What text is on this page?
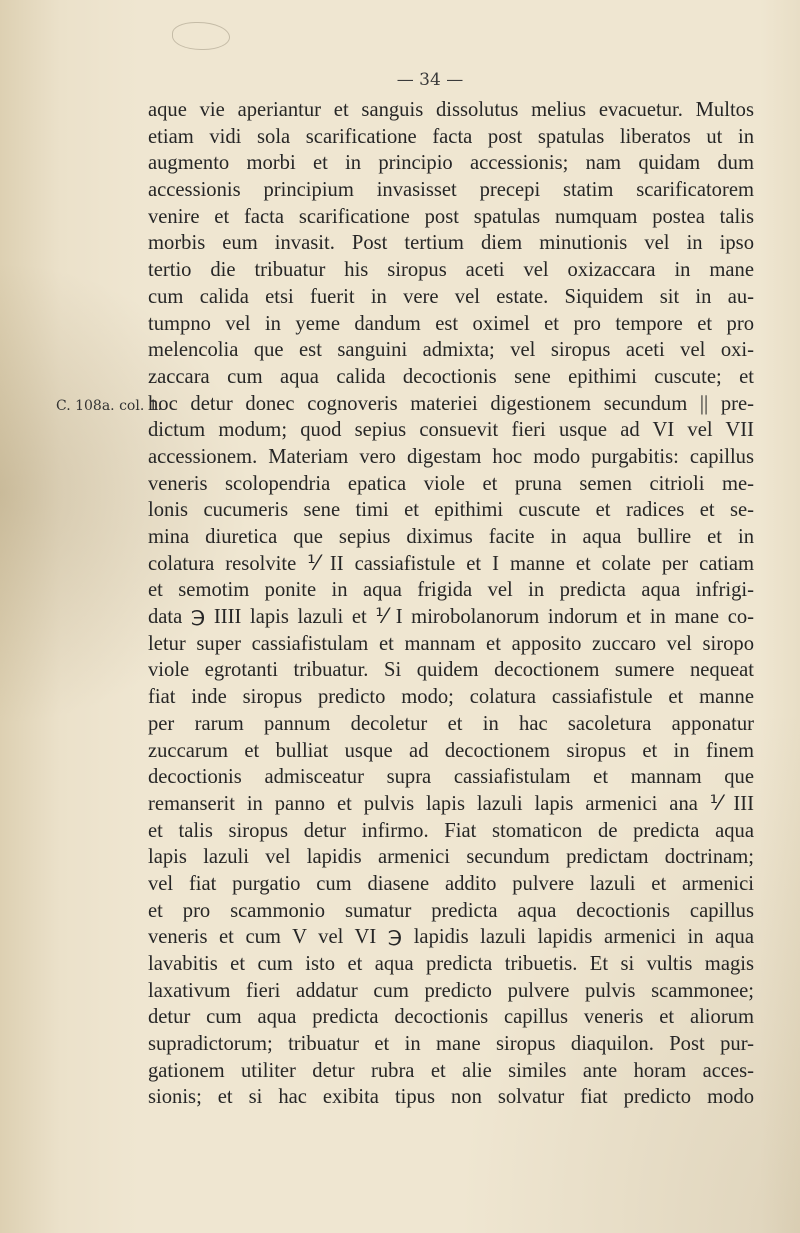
— 34 —
C. 108a. col. 1.
aque vie aperiantur et sanguis dissolutus melius evacuetur. Multos
etiam vidi sola scarificatione facta post spatulas liberatos ut in
augmento morbi et in principio accessionis; nam quidam dum
accessionis principium invasisset precepi statim scarificatorem
venire et facta scarificatione post spatulas numquam postea talis
morbis eum invasit. Post tertium diem minutionis vel in ipso
tertio die tribuatur his siropus aceti vel oxizaccara in mane
cum calida etsi fuerit in vere vel estate. Siquidem sit in au-
tumpno vel in yeme dandum est oximel et pro tempore et pro
melencolia que est sanguini admixta; vel siropus aceti vel oxi-
zaccara cum aqua calida decoctionis sene epithimi cuscute; et
hoc detur donec cognoveris materiei digestionem secundum || pre-
dictum modum; quod sepius consuevit fieri usque ad VI vel VII
accessionem. Materiam vero digestam hoc modo purgabitis: capillus
veneris scolopendria epatica viole et pruna semen citrioli me-
lonis cucumeris sene timi et epithimi cuscute et radices et se-
mina diuretica que sepius diximus facite in aqua bullire et in
colatura resolvite ⅟ II cassiafistule et I manne et colate per catiam
et semotim ponite in aqua frigida vel in predicta aqua infrigi-
data ℈ IIII lapis lazuli et ⅟ I mirobolanorum indorum et in mane co-
letur super cassiafistulam et mannam et apposito zuccaro vel siropo
viole egrotanti tribuatur. Si quidem decoctionem sumere nequeat
fiat inde siropus predicto modo; colatura cassiafistule et manne
per rarum pannum decoletur et in hac sacoletura apponatur
zuccarum et bulliat usque ad decoctionem siropus et in finem
decoctionis admisceatur supra cassiafistulam et mannam que
remanserit in panno et pulvis lapis lazuli lapis armenici ana ⅟ III
et talis siropus detur infirmo. Fiat stomaticon de predicta aqua
lapis lazuli vel lapidis armenici secundum predictam doctrinam;
vel fiat purgatio cum diasene addito pulvere lazuli et armenici
et pro scammonio sumatur predicta aqua decoctionis capillus
veneris et cum V vel VI ℈ lapidis lazuli lapidis armenici in aqua
lavabitis et cum isto et aqua predicta tribuetis. Et si vultis magis
laxativum fieri addatur cum predicto pulvere pulvis scammonee;
detur cum aqua predicta decoctionis capillus veneris et aliorum
supradictorum; tribuatur et in mane siropus diaquilon. Post pur-
gationem utiliter detur rubra et alie similes ante horam acces-
sionis; et si hac exibita tipus non solvatur fiat predicto modo
